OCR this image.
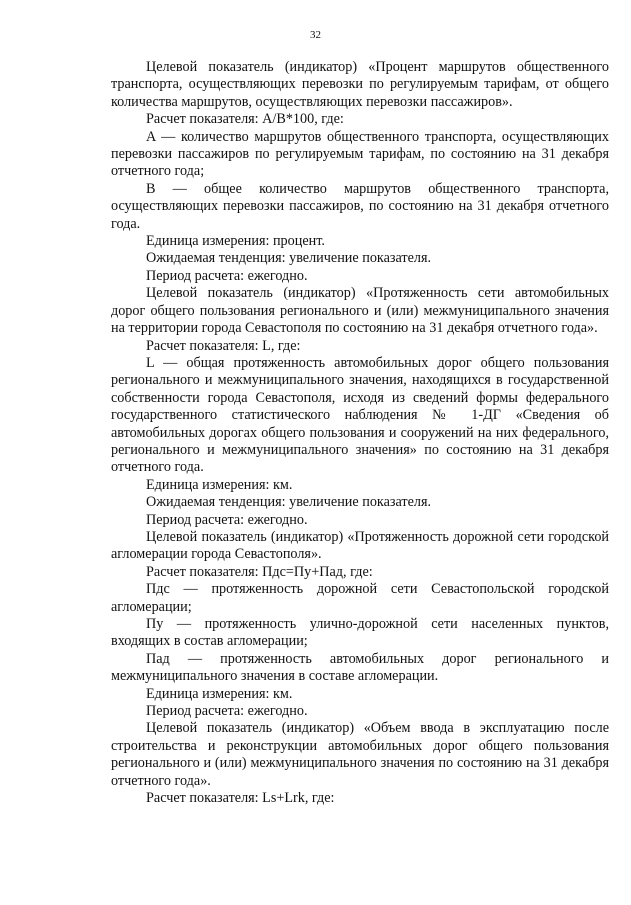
32

Целевой показатель (индикатор) «Процент маршрутов общественного транспорта, осуществляющих перевозки по регулируемым тарифам, от общего количества маршрутов, осуществляющих перевозки пассажиров».

Расчет показателя: A/B*100, где:

A — количество маршрутов общественного транспорта, осуществляющих перевозки пассажиров по регулируемым тарифам, по состоянию на 31 декабря отчетного года;

B — общее количество маршрутов общественного транспорта, осуществляющих перевозки пассажиров, по состоянию на 31 декабря отчетного года.

Единица измерения: процент.

Ожидаемая тенденция: увеличение показателя.

Период расчета: ежегодно.

Целевой показатель (индикатор) «Протяженность сети автомобильных дорог общего пользования регионального и (или) межмуниципального значения на территории города Севастополя по состоянию на 31 декабря отчетного года».

Расчет показателя: L, где:

L — общая протяженность автомобильных дорог общего пользования регионального и межмуниципального значения, находящихся в государственной собственности города Севастополя, исходя из сведений формы федерального государственного статистического наблюдения № 1-ДГ «Сведения об автомобильных дорогах общего пользования и сооружений на них федерального, регионального и межмуниципального значения» по состоянию на 31 декабря отчетного года.

Единица измерения: км.

Ожидаемая тенденция: увеличение показателя.

Период расчета: ежегодно.

Целевой показатель (индикатор) «Протяженность дорожной сети городской агломерации города Севастополя».

Расчет показателя: Пдс=Пу+Пад, где:

Пдс — протяженность дорожной сети Севастопольской городской агломерации;

Пу — протяженность улично-дорожной сети населенных пунктов, входящих в состав агломерации;

Пад — протяженность автомобильных дорог регионального и межмуниципального значения в составе агломерации.

Единица измерения: км.

Период расчета: ежегодно.

Целевой показатель (индикатор) «Объем ввода в эксплуатацию после строительства и реконструкции автомобильных дорог общего пользования регионального и (или) межмуниципального значения по состоянию на 31 декабря отчетного года».

Расчет показателя: Ls+Lrk, где:
